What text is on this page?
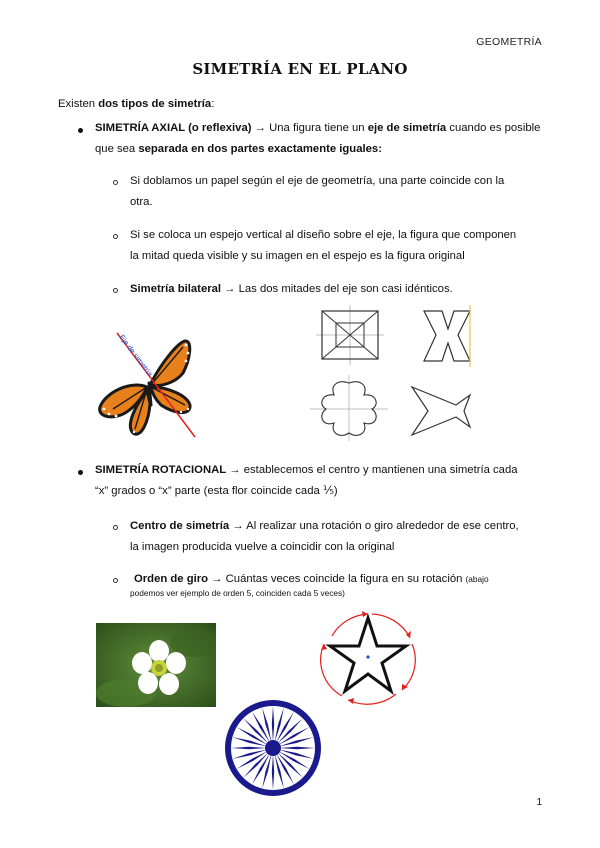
GEOMETRÍA
SIMETRÍA EN EL PLANO
Existen dos tipos de simetría:
SIMETRÍA AXIAL (o reflexiva) → Una figura tiene un eje de simetría cuando es posible que sea separada en dos partes exactamente iguales:
Si doblamos un papel según el eje de geometría, una parte coincide con la
otra.
Si se coloca un espejo vertical al diseño sobre el eje, la figura que componen
la mitad queda visible y su imagen en el espejo es la figura original
Simetría bilateral → Las dos mitades del eje son casi idénticos.
Eje de simetría
SIMETRÍA ROTACIONAL → establecemos el centro y mantienen una simetría cada
“x” grados o “x” parte (esta flor coincide cada ⅕)
Centro de simetría → Al realizar una rotación o giro alrededor de ese centro,
la imagen producida vuelve a coincidir con la original
Orden de giro → Cuántas veces coincide la figura en su rotación (abajo
podemos ver ejemplo de orden 5, coinciden cada 5 veces)
1
